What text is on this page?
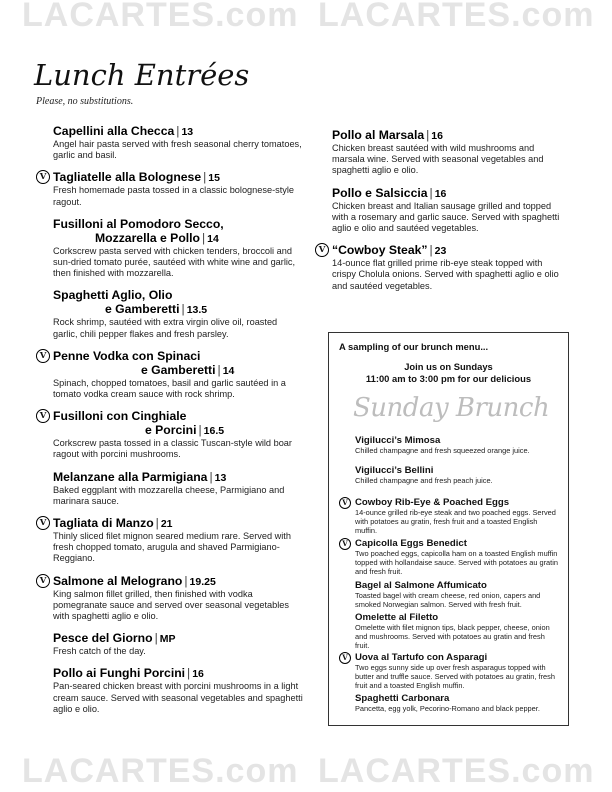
LACARTES.com LACARTES.com
LACARTES.com LACARTES.com
Lunch Entrées
Please, no substitutions.
Capellini alla Checca | 13
Angel hair pasta served with fresh seasonal cherry tomatoes, garlic and basil.
V Tagliatelle alla Bolognese | 15
Fresh homemade pasta tossed in a classic bolognese-style ragout.
Fusilloni al Pomodoro Secco,
Mozzarella e Pollo | 14
Corkscrew pasta served with chicken tenders, broccoli and sun-dried tomato purée, sautéed with white wine and garlic, then finished with mozzarella.
Spaghetti Aglio, Olio
e Gamberetti | 13.5
Rock shrimp, sautéed with extra virgin olive oil, roasted garlic, chili pepper flakes and fresh parsley.
V Penne Vodka con Spinaci
e Gamberetti | 14
Spinach, chopped tomatoes, basil and garlic sautéed in a tomato vodka cream sauce with rock shrimp.
V Fusilloni con Cinghiale
e Porcini | 16.5
Corkscrew pasta tossed in a classic Tuscan-style wild boar ragout with porcini mushrooms.
Melanzane alla Parmigiana | 13
Baked eggplant with mozzarella cheese, Parmigiano and marinara sauce.
V Tagliata di Manzo | 21
Thinly sliced filet mignon seared medium rare. Served with fresh chopped tomato, arugula and shaved Parmigiano-Reggiano.
V Salmone al Melograno | 19.25
King salmon fillet grilled, then finished with vodka pomegranate sauce and served over seasonal vegetables with spaghetti aglio e olio.
Pesce del Giorno | MP
Fresh catch of the day.
Pollo ai Funghi Porcini | 16
Pan-seared chicken breast with porcini mushrooms in a light cream sauce. Served with seasonal vegetables and spaghetti aglio e olio.
Pollo al Marsala | 16
Chicken breast sautéed with wild mushrooms and marsala wine. Served with seasonal vegetables and spaghetti aglio e olio.
Pollo e Salsiccia | 16
Chicken breast and Italian sausage grilled and topped with a rosemary and garlic sauce. Served with spaghetti aglio e olio and sautéed vegetables.
V “Cowboy Steak” | 23
14-ounce flat grilled prime rib-eye steak topped with crispy Cholula onions. Served with spaghetti aglio e olio and sautéed vegetables.
A sampling of our brunch menu...
Join us on Sundays
11:00 am to 3:00 pm for our delicious
Sunday Brunch
Vigilucci’s Mimosa
Chilled champagne and fresh squeezed orange juice.
Vigilucci’s Bellini
Chilled champagne and fresh peach juice.
V Cowboy Rib-Eye & Poached Eggs
14-ounce grilled rib-eye steak and two poached eggs. Served with potatoes au gratin, fresh fruit and a toasted English muffin.
V Capicolla Eggs Benedict
Two poached eggs, capicolla ham on a toasted English muffin topped with hollandaise sauce. Served with potatoes au gratin and fresh fruit.
Bagel al Salmone Affumicato
Toasted bagel with cream cheese, red onion, capers and smoked Norwegian salmon. Served with fresh fruit.
Omelette al Filetto
Omelette with filet mignon tips, black pepper, cheese, onion and mushrooms. Served with potatoes au gratin and fresh fruit.
V Uova al Tartufo con Asparagi
Two eggs sunny side up over fresh asparagus topped with butter and truffle sauce. Served with potatoes au gratin, fresh fruit and a toasted English muffin.
Spaghetti Carbonara
Pancetta, egg yolk, Pecorino-Romano and black pepper.
